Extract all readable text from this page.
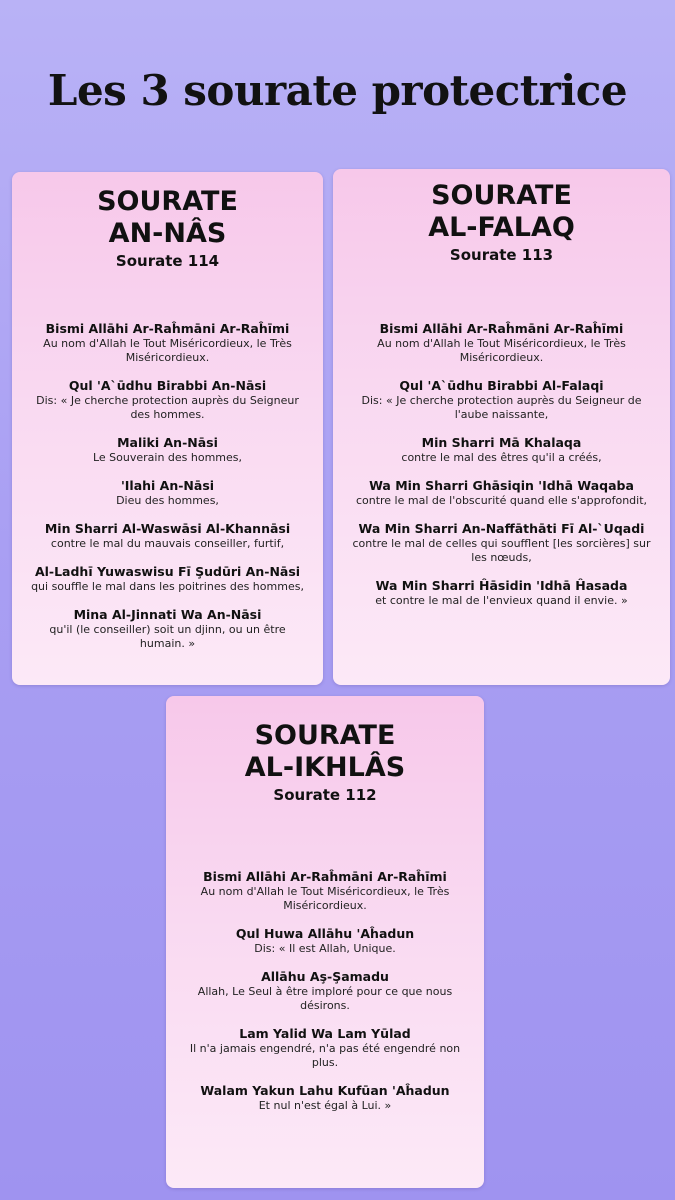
Les 3 sourate protectrice
SOURATE
AN-NÂS
Sourate 114
Bismi Allāhi Ar-Raĥmāni Ar-Raĥīmi
Au nom d'Allah le Tout Miséricordieux, le Très Miséricordieux.
Qul 'A`ūdhu Birabbi An-Nāsi
Dis: « Je cherche protection auprès du Seigneur des hommes.
Maliki An-Nāsi
Le Souverain des hommes,
'Ilahi An-Nāsi
Dieu des hommes,
Min Sharri Al-Waswāsi Al-Khannāsi
contre le mal du mauvais conseiller, furtif,
Al-Ladhī Yuwaswisu Fī Şudūri An-Nāsi
qui souffle le mal dans les poitrines des hommes,
Mina Al-Jinnati Wa An-Nāsi
qu'il (le conseiller) soit un djinn, ou un être humain. »
SOURATE
AL-FALAQ
Sourate 113
Bismi Allāhi Ar-Raĥmāni Ar-Raĥīmi
Au nom d'Allah le Tout Miséricordieux, le Très Miséricordieux.
Qul 'A`ūdhu Birabbi Al-Falaqi
Dis: « Je cherche protection auprès du Seigneur de l'aube naissante,
Min Sharri Mā Khalaqa
contre le mal des êtres qu'il a créés,
Wa Min Sharri Ghāsiqin 'Idhā Waqaba
contre le mal de l'obscurité quand elle s'approfondit,
Wa Min Sharri An-Naffāthāti Fī Al-`Uqadi
contre le mal de celles qui soufflent [les sorcières] sur les nœuds,
Wa Min Sharri Ĥāsidin 'Idhā Ĥasada
et contre le mal de l'envieux quand il envie. »
SOURATE
AL-IKHLÂS
Sourate 112
Bismi Allāhi Ar-Raĥmāni Ar-Raĥīmi
Au nom d'Allah le Tout Miséricordieux, le Très Miséricordieux.
Qul Huwa Allāhu 'Aĥadun
Dis: « Il est Allah, Unique.
Allāhu Aş-Şamadu
Allah, Le Seul à être imploré pour ce que nous désirons.
Lam Yalid Wa Lam Yūlad
Il n'a jamais engendré, n'a pas été engendré non plus.
Walam Yakun Lahu Kufūan 'Aĥadun
Et nul n'est égal à Lui. »
